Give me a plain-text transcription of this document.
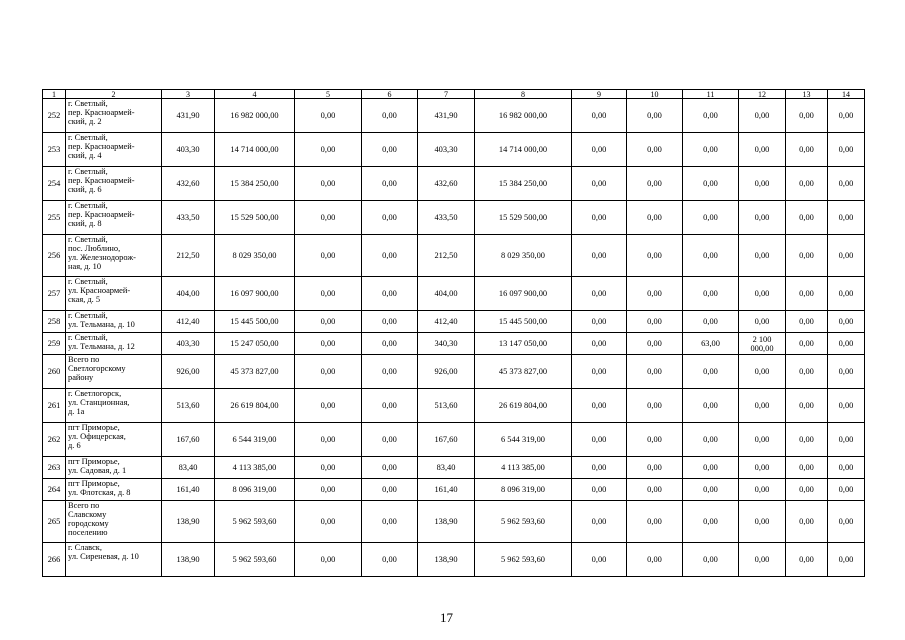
1	2	3	4	5	6	7	8	9	10	11	12	13	14
252	г. Светлый,
пер. Красноармей-
ский, д. 2	431,90	16 982 000,00	0,00	0,00	431,90	16 982 000,00	0,00	0,00	0,00	0,00	0,00	0,00
253	г. Светлый,
пер. Красноармей-
ский, д. 4	403,30	14 714 000,00	0,00	0,00	403,30	14 714 000,00	0,00	0,00	0,00	0,00	0,00	0,00
254	г. Светлый,
пер. Красноармей-
ский, д. 6	432,60	15 384 250,00	0,00	0,00	432,60	15 384 250,00	0,00	0,00	0,00	0,00	0,00	0,00
255	г. Светлый,
пер. Красноармей-
ский, д. 8	433,50	15 529 500,00	0,00	0,00	433,50	15 529 500,00	0,00	0,00	0,00	0,00	0,00	0,00
256	г. Светлый,
пос. Люблино,
ул. Железнодорож-
ная, д. 10	212,50	8 029 350,00	0,00	0,00	212,50	8 029 350,00	0,00	0,00	0,00	0,00	0,00	0,00
257	г. Светлый,
ул. Красноармей-
ская, д. 5	404,00	16 097 900,00	0,00	0,00	404,00	16 097 900,00	0,00	0,00	0,00	0,00	0,00	0,00
258	г. Светлый,
ул. Тельмана, д. 10	412,40	15 445 500,00	0,00	0,00	412,40	15 445 500,00	0,00	0,00	0,00	0,00	0,00	0,00
259	г. Светлый,
ул. Тельмана, д. 12	403,30	15 247 050,00	0,00	0,00	340,30	13 147 050,00	0,00	0,00	63,00	2 100 000,00	0,00	0,00
260	Всего по
Светлогорскому
району	926,00	45 373 827,00	0,00	0,00	926,00	45 373 827,00	0,00	0,00	0,00	0,00	0,00	0,00
261	г. Светлогорск,
ул. Станционная,
д. 1а	513,60	26 619 804,00	0,00	0,00	513,60	26 619 804,00	0,00	0,00	0,00	0,00	0,00	0,00
262	пгт Приморье,
ул. Офицерская,
д. 6	167,60	6 544 319,00	0,00	0,00	167,60	6 544 319,00	0,00	0,00	0,00	0,00	0,00	0,00
263	пгт Приморье,
ул. Садовая, д. 1	83,40	4 113 385,00	0,00	0,00	83,40	4 113 385,00	0,00	0,00	0,00	0,00	0,00	0,00
264	пгт Приморье,
ул. Флотская, д. 8	161,40	8 096 319,00	0,00	0,00	161,40	8 096 319,00	0,00	0,00	0,00	0,00	0,00	0,00
265	Всего по
Славскому
городскому
поселению	138,90	5 962 593,60	0,00	0,00	138,90	5 962 593,60	0,00	0,00	0,00	0,00	0,00	0,00
266	г. Славск,
ул. Сиреневая, д. 10	138,90	5 962 593,60	0,00	0,00	138,90	5 962 593,60	0,00	0,00	0,00	0,00	0,00	0,00
17
